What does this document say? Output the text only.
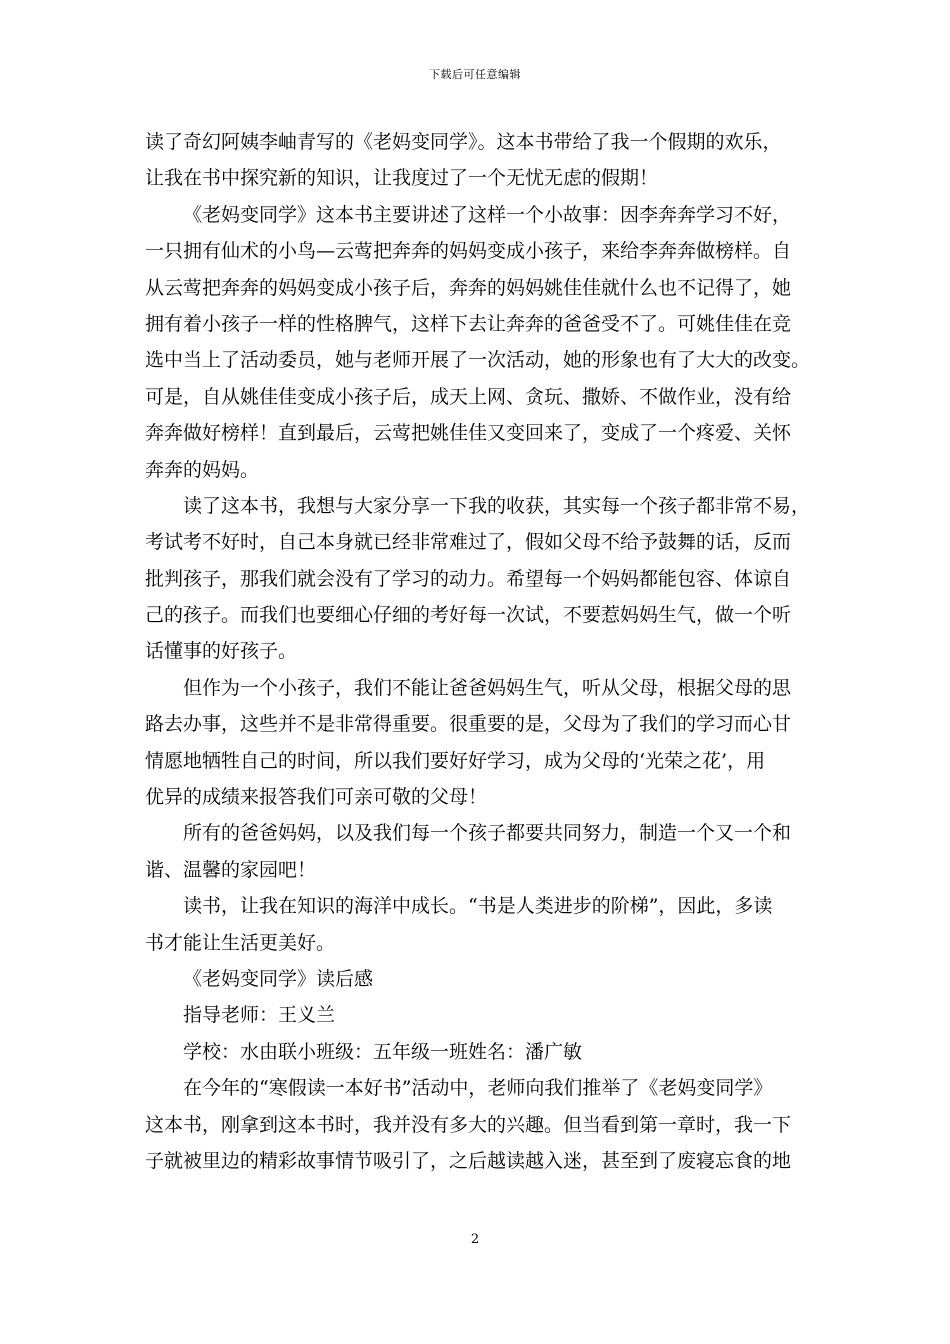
下载后可任意编辑
读了奇幻阿姨李岫青写的《老妈变同学》。这本书带给了我一个假期的欢乐，
让我在书中探究新的知识，让我度过了一个无忧无虑的假期！
《老妈变同学》这本书主要讲述了这样一个小故事：因李奔奔学习不好，
一只拥有仙术的小鸟—云莺把奔奔的妈妈变成小孩子，来给李奔奔做榜样。自
从云莺把奔奔的妈妈变成小孩子后，奔奔的妈妈姚佳佳就什么也不记得了，她
拥有着小孩子一样的性格脾气，这样下去让奔奔的爸爸受不了。可姚佳佳在竞
选中当上了活动委员，她与老师开展了一次活动，她的形象也有了大大的改变。
可是，自从姚佳佳变成小孩子后，成天上网、贪玩、撒娇、不做作业，没有给
奔奔做好榜样！直到最后，云莺把姚佳佳又变回来了，变成了一个疼爱、关怀
奔奔的妈妈。
读了这本书，我想与大家分享一下我的收获，其实每一个孩子都非常不易，
考试考不好时，自己本身就已经非常难过了，假如父母不给予鼓舞的话，反而
批判孩子，那我们就会没有了学习的动力。希望每一个妈妈都能包容、体谅自
己的孩子。而我们也要细心仔细的考好每一次试，不要惹妈妈生气，做一个听
话懂事的好孩子。
但作为一个小孩子，我们不能让爸爸妈妈生气，听从父母，根据父母的思
路去办事，这些并不是非常得重要。很重要的是，父母为了我们的学习而心甘
情愿地牺牲自己的时间，所以我们要好好学习，成为父母的‘光荣之花’，用
优异的成绩来报答我们可亲可敬的父母！
所有的爸爸妈妈，以及我们每一个孩子都要共同努力，制造一个又一个和
谐、温馨的家园吧！
读书，让我在知识的海洋中成长。“书是人类进步的阶梯”，因此，多读
书才能让生活更美好。
《老妈变同学》读后感
指导老师：王义兰
学校：水由联小班级：五年级一班姓名：潘广敏
在今年的“寒假读一本好书”活动中，老师向我们推举了《老妈变同学》
这本书，刚拿到这本书时，我并没有多大的兴趣。但当看到第一章时，我一下
子就被里边的精彩故事情节吸引了，之后越读越入迷，甚至到了废寝忘食的地
2
